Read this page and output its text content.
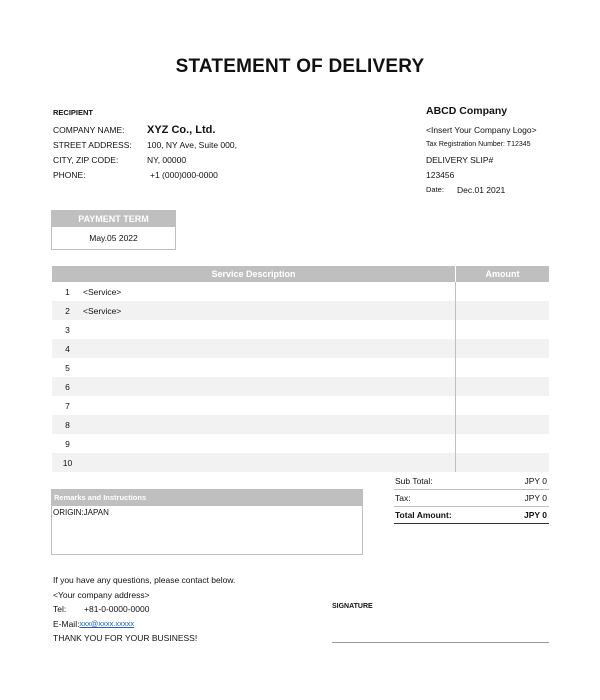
STATEMENT OF DELIVERY
RECIPIENT
COMPANY NAME:	XYZ Co., Ltd.
STREET ADDRESS:	100, NY Ave, Suite 000,
CITY, ZIP CODE:	NY, 00000
PHONE:	+1 (000)000-0000
ABCD Company
<Insert Your Company Logo>
Tax Registration Number: T12345
DELIVERY SLIP#
123456
Date:	Dec.01 2021
PAYMENT TERM
May.05 2022
Service Description	Amount
1	<Service>
2	<Service>
3
4
5
6
7
8
9
10
Sub Total:	JPY 0
Tax:	JPY 0
Total Amount:	JPY 0
Remarks and Instructions
ORIGIN:JAPAN
If you have any questions, please contact below.
<Your company address>
Tel:	+81-0-0000-0000
E-Mail: xxx@xxxx.xxxxx
THANK YOU FOR YOUR BUSINESS!
SIGNATURE
